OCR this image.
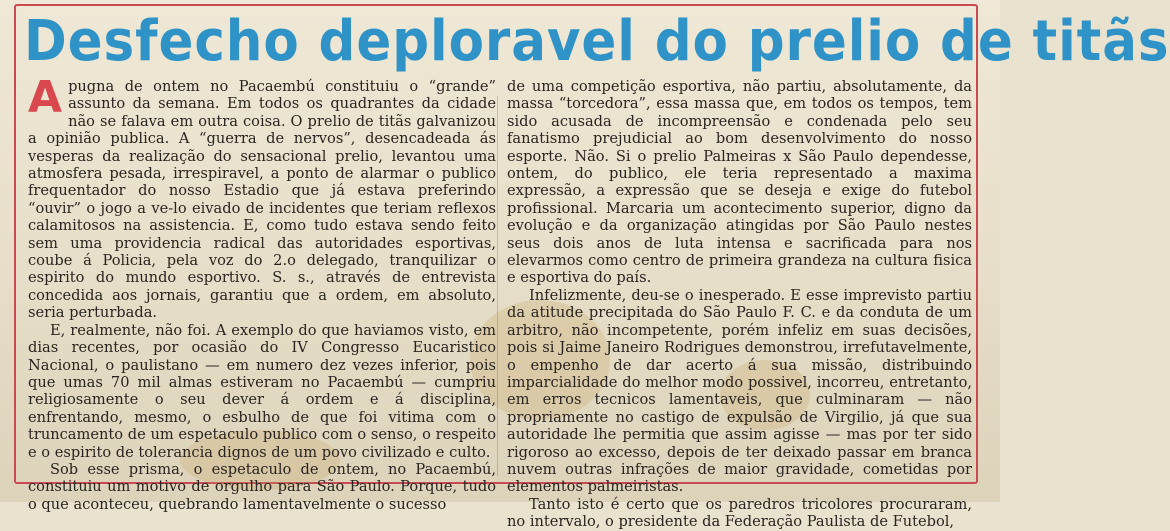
Desfecho deploravel do prelio de titãs

Apugna de ontem no Pacaembú constituiu o “grande” assunto da semana. Em todos os quadrantes da cidade não se falava em outra coisa. O prelio de titãs galvanizou a opinião publica. A “guerra de nervos”, desencadeada ás vesperas da realização do sensacional prelio, levantou uma atmosfera pesada, irrespiravel, a ponto de alarmar o publico frequentador do nosso Estadio que já estava preferindo “ouvir” o jogo a ve-lo eivado de incidentes que teriam reflexos calamitosos na assistencia. E, como tudo estava sendo feito sem uma providencia radical das autoridades esportivas, coube á Policia, pela voz do 2.o delegado, tranquilizar o espirito do mundo esportivo. S. s., através de entrevista concedida aos jornais, garantiu que a ordem, em absoluto, seria perturbada.

E, realmente, não foi. A exemplo do que haviamos visto, em dias recentes, por ocasião do IV Congresso Eucaristico Nacional, o paulistano — em numero dez vezes inferior, pois que umas 70 mil almas estiveram no Pacaembú — cumpriu religiosamente o seu dever á ordem e á disciplina, enfrentando, mesmo, o esbulho de que foi vitima com o truncamento de um espetaculo publico com o senso, o respeito e o espirito de tolerancia dignos de um povo civilizado e culto.

Sob esse prisma, o espetaculo de ontem, no Pacaembú, constituiu um motivo de orgulho para São Paulo. Porque, tudo o que aconteceu, quebrando lamentavelmente o sucesso

de uma competição esportiva, não partiu, absolutamente, da massa “torcedora”, essa massa que, em todos os tempos, tem sido acusada de incompreensão e condenada pelo seu fanatismo prejudicial ao bom desenvolvimento do nosso esporte. Não. Si o prelio Palmeiras x São Paulo dependesse, ontem, do publico, ele teria representado a maxima expressão, a expressão que se deseja e exige do futebol profissional. Marcaria um acontecimento superior, digno da evolução e da organização atingidas por São Paulo nestes seus dois anos de luta intensa e sacrificada para nos elevarmos como centro de primeira grandeza na cultura fisica e esportiva do país.

Infelizmente, deu-se o inesperado. E esse imprevisto partiu da atitude precipitada do São Paulo F. C. e da conduta de um arbitro, não incompetente, porém infeliz em suas decisões, pois si Jaime Janeiro Rodrigues demonstrou, irrefutavelmente, o empenho de dar acerto á sua missão, distribuindo imparcialidade do melhor modo possivel, incorreu, entretanto, em erros tecnicos lamentaveis, que culminaram — não propriamente no castigo de expulsão de Virgilio, já que sua autoridade lhe permitia que assim agisse — mas por ter sido rigoroso ao excesso, depois de ter deixado passar em branca nuvem outras infrações de maior gravidade, cometidas por elementos palmeiristas.

Tanto isto é certo que os paredros tricolores procuraram, no intervalo, o presidente da Federação Paulista de Futebol,
